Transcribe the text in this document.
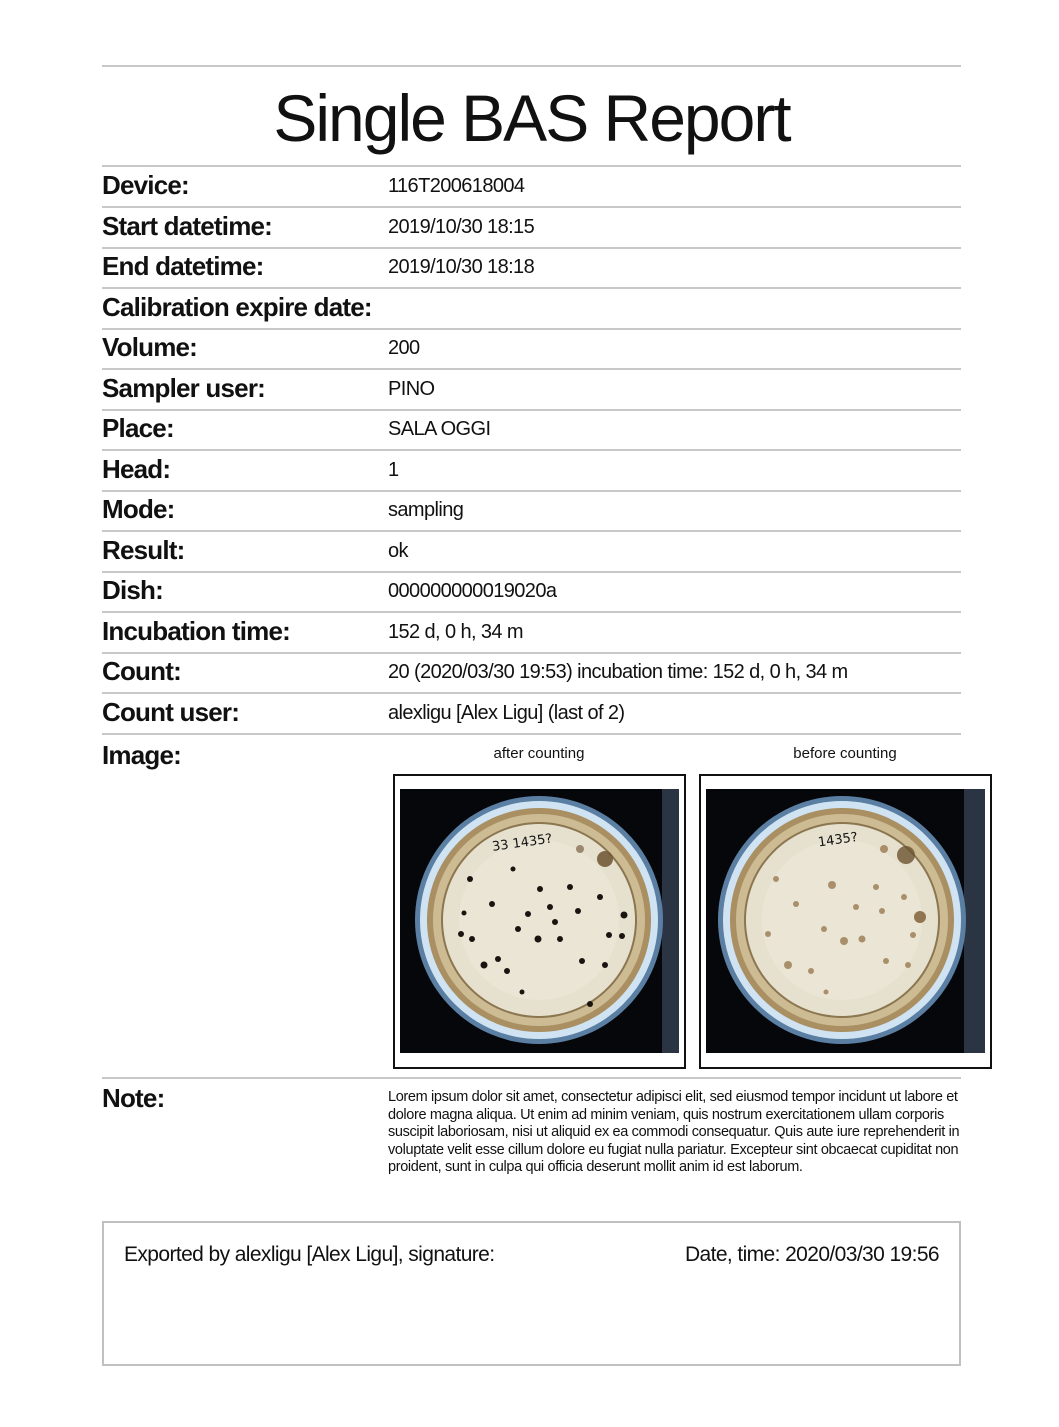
Single BAS Report
Device:	116T200618004
Start datetime:	2019/10/30 18:15
End datetime:	2019/10/30 18:18
Calibration expire date:
Volume:	200
Sampler user:	PINO
Place:	SALA OGGI
Head:	1
Mode:	sampling
Result:	ok
Dish:	000000000019020a
Incubation time:	152 d, 0 h, 34 m
Count:	20 (2020/03/30 19:53) incubation time: 152 d, 0 h, 34 m
Count user:	alexligu [Alex Ligu] (last of 2)
Image:	after counting	before counting
33 1435?	1435?
Note:	Lorem ipsum dolor sit amet, consectetur adipisci elit, sed eiusmod tempor incidunt ut labore et dolore magna aliqua. Ut enim ad minim veniam, quis nostrum exercitationem ullam corporis suscipit laboriosam, nisi ut aliquid ex ea commodi consequatur. Quis aute iure reprehenderit in voluptate velit esse cillum dolore eu fugiat nulla pariatur. Excepteur sint obcaecat cupiditat non proident, sunt in culpa qui officia deserunt mollit anim id est laborum.
Exported by alexligu [Alex Ligu], signature:	Date, time: 2020/03/30 19:56
